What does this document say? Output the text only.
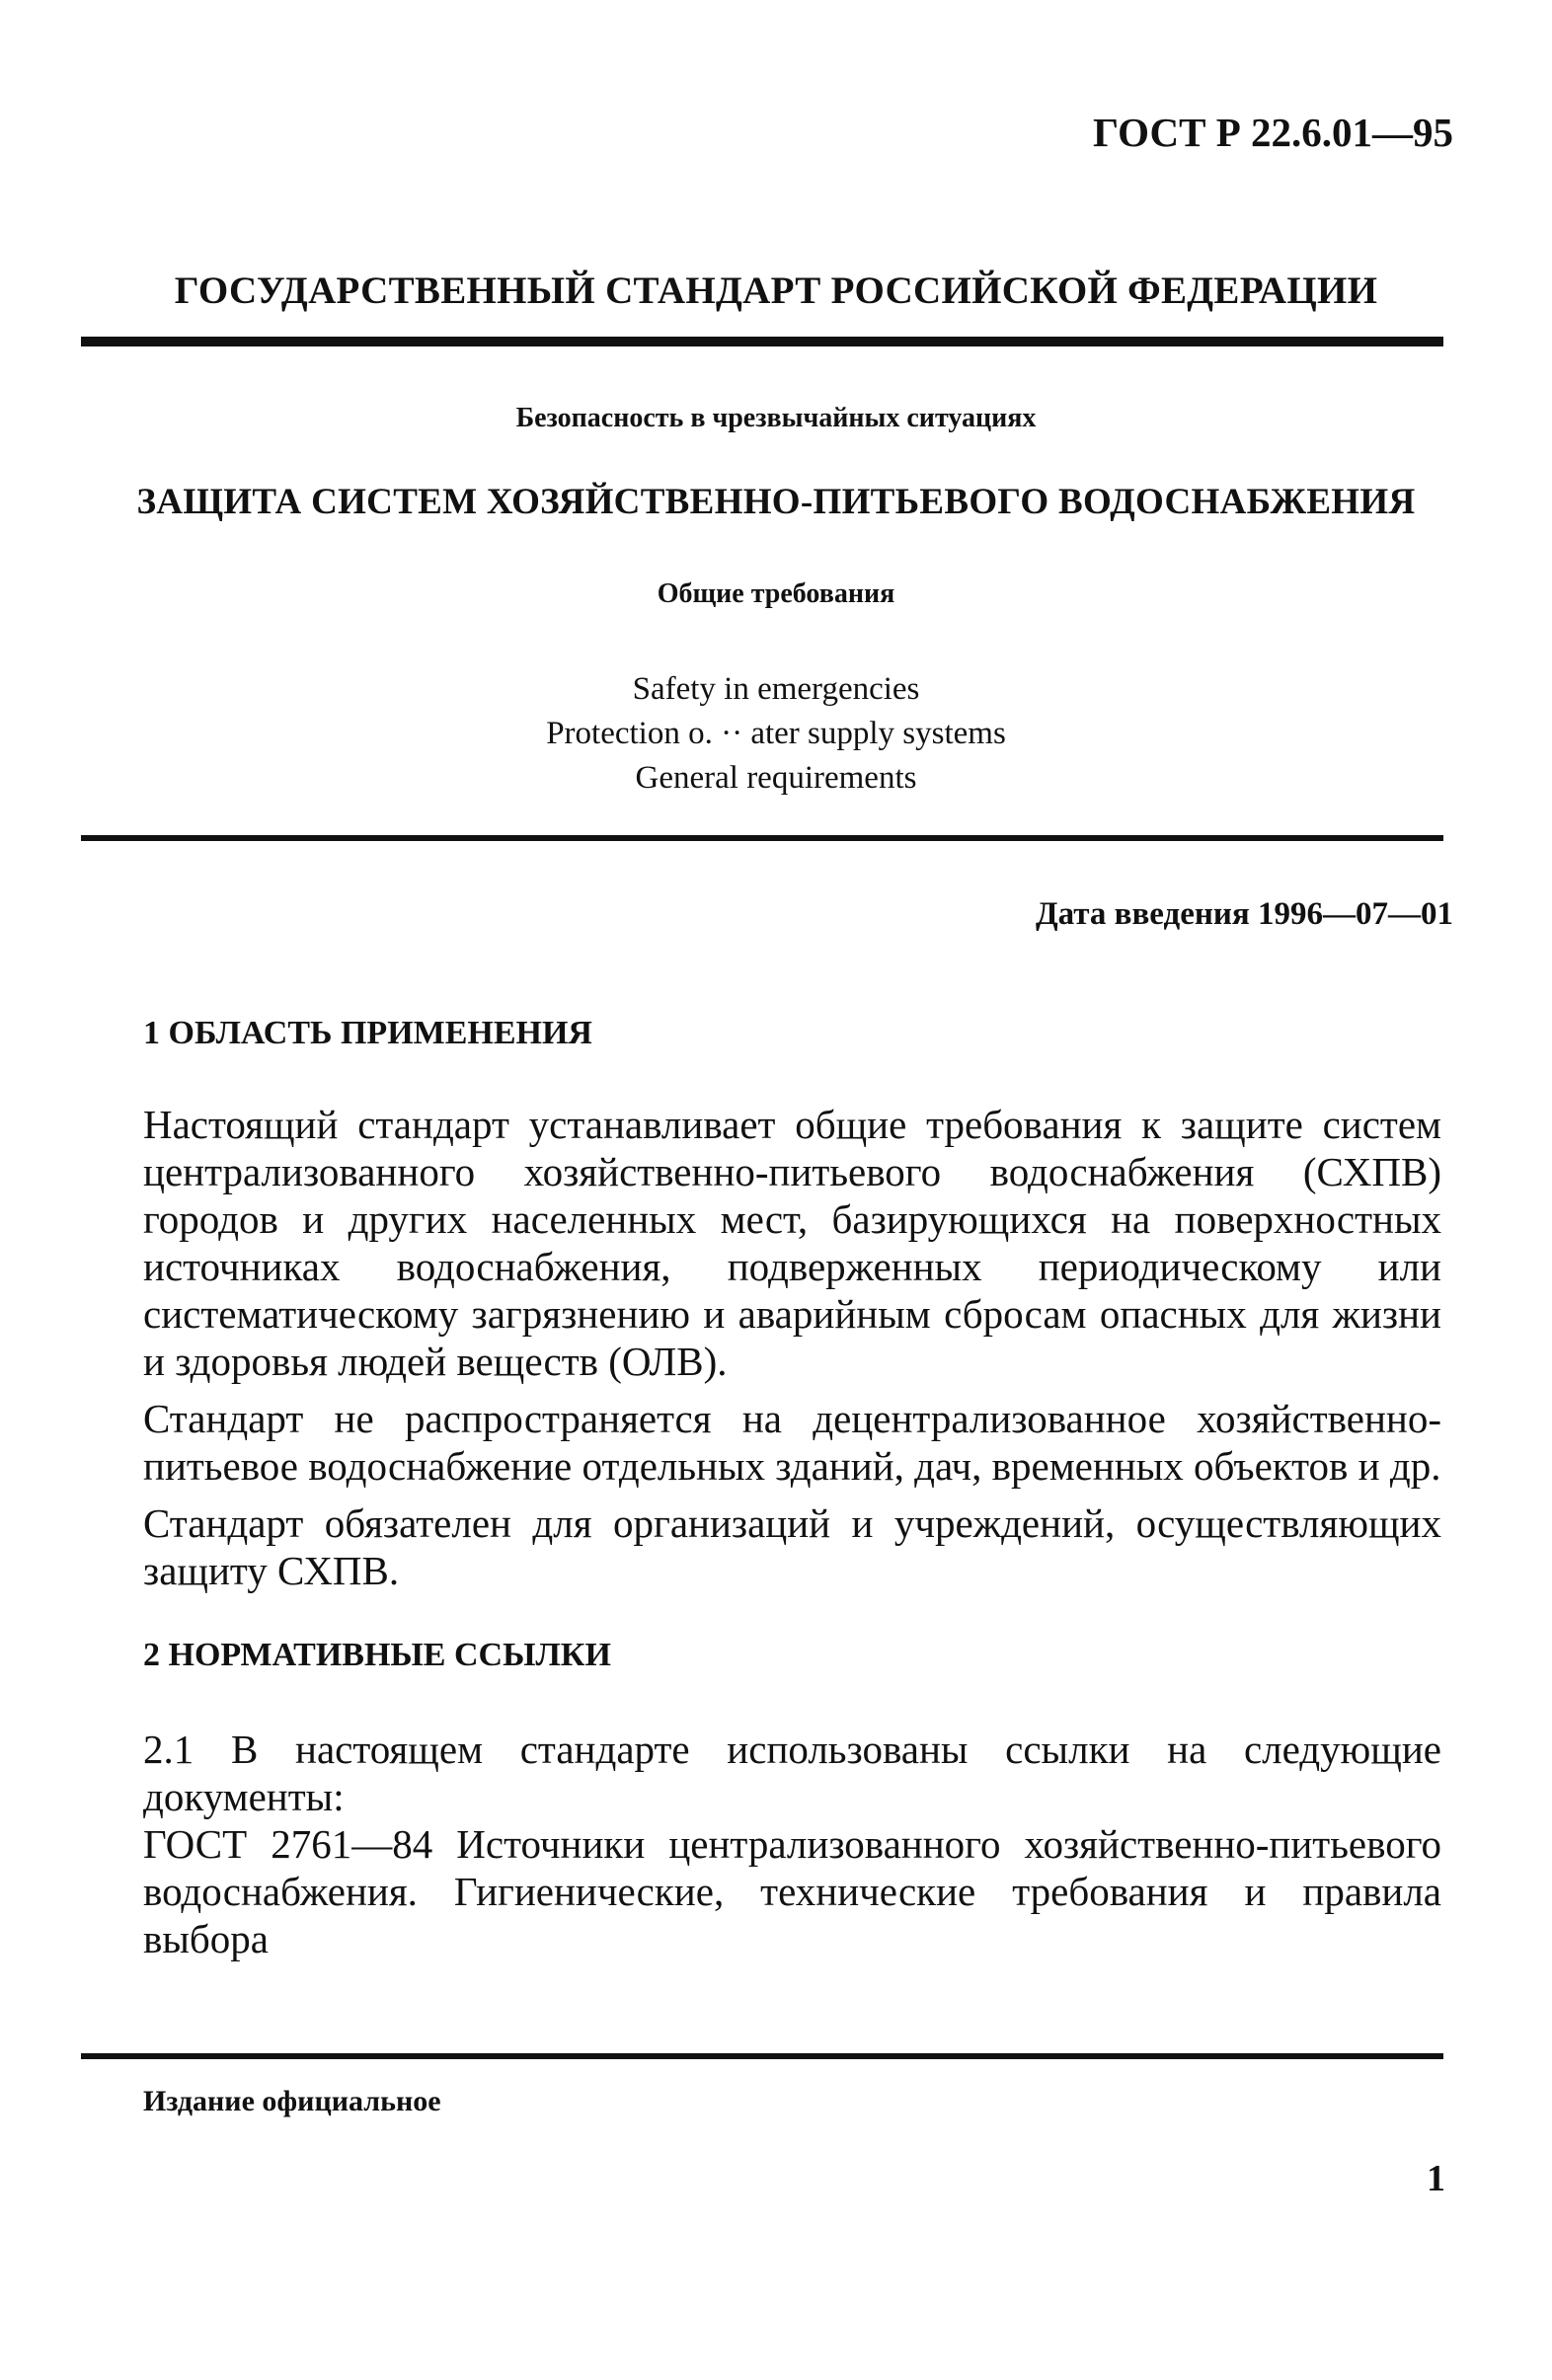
ГОСТ Р 22.6.01—95
ГОСУДАРСТВЕННЫЙ СТАНДАРТ РОССИЙСКОЙ ФЕДЕРАЦИИ
Безопасность в чрезвычайных ситуациях
ЗАЩИТА СИСТЕМ ХОЗЯЙСТВЕННО-ПИТЬЕВОГО ВОДОСНАБЖЕНИЯ
Общие требования
Safety in emergencies
Protection o. ·· ater supply systems
General requirements
Дата введения 1996—07—01
1 ОБЛАСТЬ ПРИМЕНЕНИЯ

Настоящий стандарт устанавливает общие требования к защите систем централизованного хозяйственно-питьевого водоснабжения (СХПВ) городов и других населенных мест, базирующихся на поверхностных источниках водоснабжения, подверженных периодическому или систематическому загрязнению и аварийным сбросам опасных для жизни и здоровья людей веществ (ОЛВ).

Стандарт не распространяется на децентрализованное хозяйственно-питьевое водоснабжение отдельных зданий, дач, временных объектов и др.

Стандарт обязателен для организаций и учреждений, осуществляющих защиту СХПВ.

2 НОРМАТИВНЫЕ ССЫЛКИ

2.1 В настоящем стандарте использованы ссылки на следующие документы:

ГОСТ 2761—84 Источники централизованного хозяйственно-питьевого водоснабжения. Гигиенические, технические требования и правила выбора

Издание официальное
1
